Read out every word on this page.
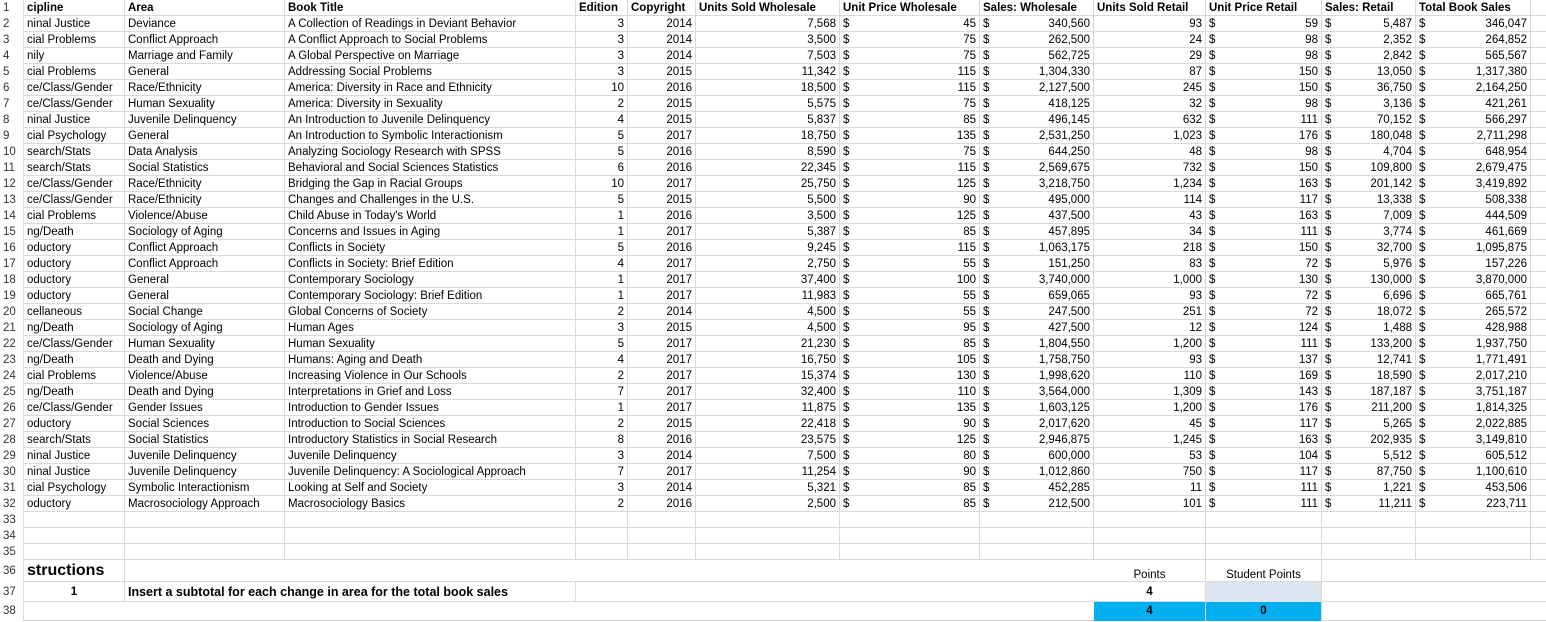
1	cipline	Area	Book Title	Edition	Copyright	Units Sold Wholesale	Unit Price Wholesale	Sales: Wholesale	Units Sold Retail	Unit Price Retail	Sales: Retail	Total Book Sales
2	ninal Justice	Deviance	A Collection of Readings in Deviant Behavior	3	2014	7,568 $	45 $	340,560	93 $	59 $	5,487 $	346,047
3	cial Problems	Conflict Approach	A Conflict Approach to Social Problems	3	2014	3,500 $	75 $	262,500	24 $	98 $	2,352 $	264,852
4	nily	Marriage and Family	A Global Perspective on Marriage	3	2014	7,503 $	75 $	562,725	29 $	98 $	2,842 $	565,567
5	cial Problems	General	Addressing Social Problems	3	2015	11,342 $	115 $	1,304,330	87 $	150 $	13,050 $	1,317,380
6	ce/Class/Gender	Race/Ethnicity	America: Diversity in Race and Ethnicity	10	2016	18,500 $	115 $	2,127,500	245 $	150 $	36,750 $	2,164,250
7	ce/Class/Gender	Human Sexuality	America: Diversity in Sexuality	2	2015	5,575 $	75 $	418,125	32 $	98 $	3,136 $	421,261
8	ninal Justice	Juvenile Delinquency	An Introduction to Juvenile Delinquency	4	2015	5,837 $	85 $	496,145	632 $	111 $	70,152 $	566,297
9	cial Psychology	General	An Introduction to Symbolic Interactionism	5	2017	18,750 $	135 $	2,531,250	1,023 $	176 $	180,048 $	2,711,298
10 search/Stats	Data Analysis	Analyzing Sociology Research with SPSS	5	2016	8,590 $	75 $	644,250	48 $	98 $	4,704 $	648,954
11	search/Stats	Social Statistics	Behavioral and Social Sciences Statistics	6	2016	22,345 $	115 $	2,569,675	732 $	150 $	109,800 $	2,679,475
12 ce/Class/Gender	Race/Ethnicity	Bridging the Gap in Racial Groups	10	2017	25,750 $	125 $	3,218,750	1,234 $	163 $	201,142 $	3,419,892
13 ce/Class/Gender	Race/Ethnicity	Changes and Challenges in the U.S.	5	2015	5,500 $	90 $	495,000	114 $	117 $	13,338 $	508,338
14 cial Problems	Violence/Abuse	Child Abuse in Today's World	1	2016	3,500 $	125 $	437,500	43 $	163 $	7,009 $	444,509
15 ng/Death	Sociology of Aging	Concerns and Issues in Aging	1	2017	5,387 $	85 $	457,895	34 $	111 $	3,774 $	461,669
16 oductory	Conflict Approach	Conflicts in Society	5	2016	9,245 $	115 $	1,063,175	218 $	150 $	32,700 $	1,095,875
17 oductory	Conflict Approach	Conflicts in Society: Brief Edition	4	2017	2,750 $	55 $	151,250	83 $	72 $	5,976 $	157,226
18 oductory	General	Contemporary Sociology	1	2017	37,400 $	100 $	3,740,000	1,000 $	130 $	130,000 $	3,870,000
19 oductory	General	Contemporary Sociology: Brief Edition	1	2017	11,983 $	55 $	659,065	93 $	72 $	6,696 $	665,761
20 cellaneous	Social Change	Global Concerns of Society	2	2014	4,500 $	55 $	247,500	251 $	72 $	18,072 $	265,572
21 ng/Death	Sociology of Aging	Human Ages	3	2015	4,500 $	95 $	427,500	12 $	124 $	1,488 $	428,988
22 ce/Class/Gender	Human Sexuality	Human Sexuality	5	2017	21,230 $	85 $	1,804,550	1,200 $	111 $	133,200 $	1,937,750
23 ng/Death	Death and Dying	Humans: Aging and Death	4	2017	16,750 $	105 $	1,758,750	93 $	137 $	12,741 $	1,771,491
24 cial Problems	Violence/Abuse	Increasing Violence in Our Schools	2	2017	15,374 $	130 $	1,998,620	110 $	169 $	18,590 $	2,017,210
25 ng/Death	Death and Dying	Interpretations in Grief and Loss	7	2017	32,400 $	110 $	3,564,000	1,309 $	143 $	187,187 $	3,751,187
26 ce/Class/Gender	Gender Issues	Introduction to Gender Issues	1	2017	11,875 $	135 $	1,603,125	1,200 $	176 $	211,200 $	1,814,325
27 oductory	Social Sciences	Introduction to Social Sciences	2	2015	22,418 $	90 $	2,017,620	45 $	117 $	5,265 $	2,022,885
28 search/Stats	Social Statistics	Introductory Statistics in Social Research	8	2016	23,575 $	125 $	2,946,875	1,245 $	163 $	202,935 $	3,149,810
29 ninal Justice	Juvenile Delinquency	Juvenile Delinquency	3	2014	7,500 $	80 $	600,000	53 $	104 $	5,512 $	605,512
30 ninal Justice	Juvenile Delinquency	Juvenile Delinquency: A Sociological Approach	7	2017	11,254 $	90 $	1,012,860	750 $	117 $	87,750 $	1,100,610
31 cial Psychology	Symbolic Interactionism	Looking at Self and Society	3	2014	5,321 $	85 $	452,285	11 $	111 $	1,221 $	453,506
32 oductory	Macrosociology Approach	Macrosociology Basics	2	2016	2,500 $	85 $	212,500	101 $	111 $	11,211 $	223,711
33
34
35
36 structions	Points	Student Points
37	1	Insert a subtotal for each change in area for the total book sales	4
38	4	0
